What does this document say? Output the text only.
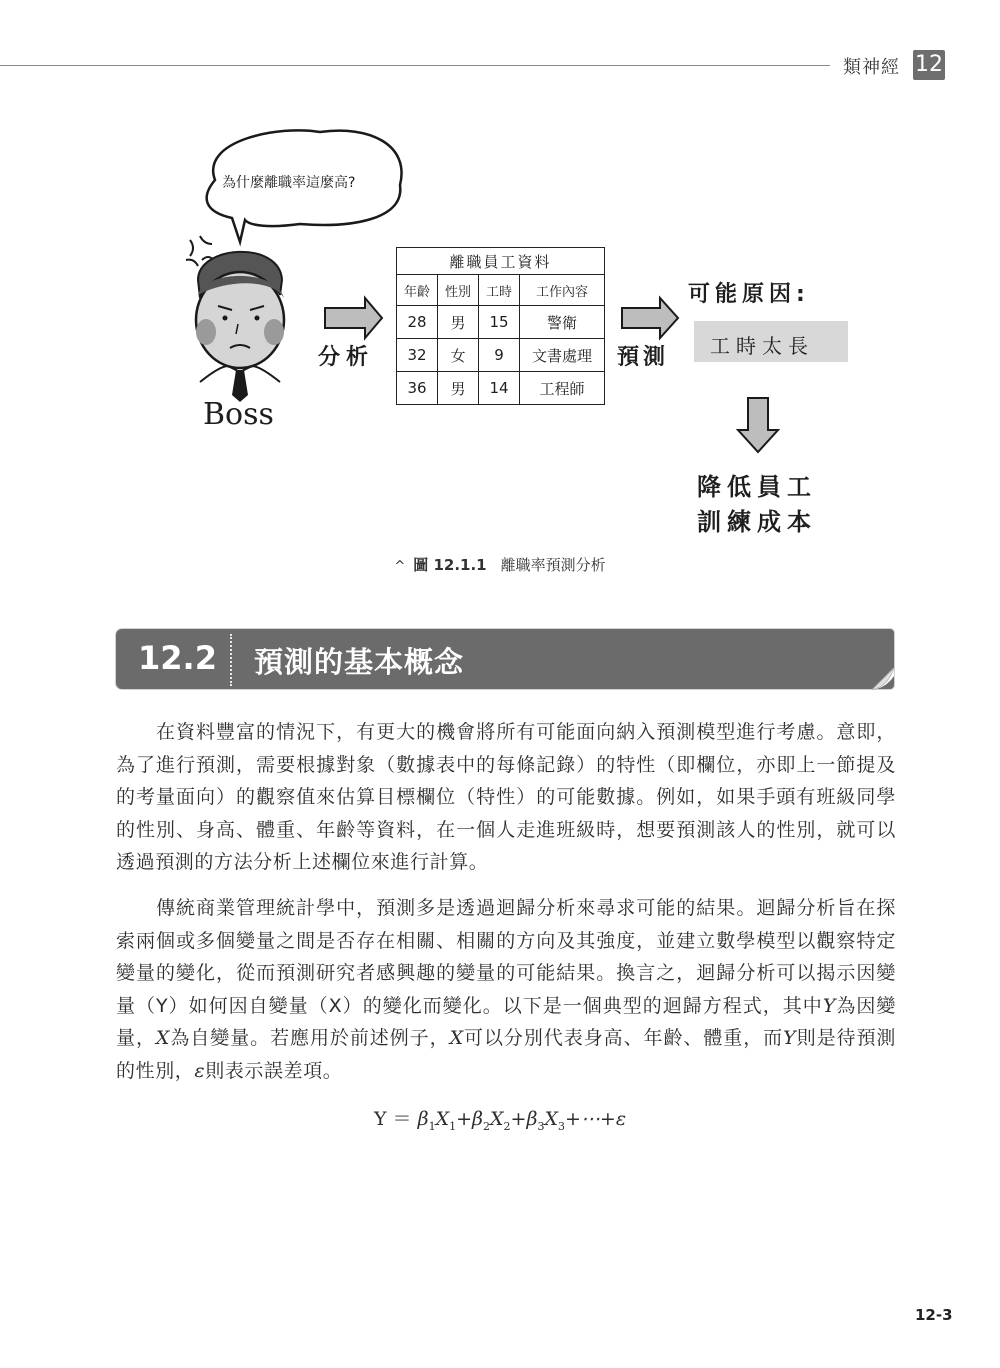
類神經 12
為什麼離職率這麼高?
Boss
分析
離職員工資料			
年齡	性別	工時	工作內容
28	男	15	警衛
32	女	9	文書處理
36	男	14	工程師
預測
可能原因:
工時太長
降低員工
訓練成本
^ 圖 12.1.1 離職率預測分析
12.2 預測的基本概念
在資料豐富的情況下，有更大的機會將所有可能面向納入預測模型進行考慮。意即，為了進行預測，需要根據對象（數據表中的每條記錄）的特性（即欄位，亦即上一節提及的考量面向）的觀察值來估算目標欄位（特性）的可能數據。例如，如果手頭有班級同學的性別、身高、體重、年齡等資料，在一個人走進班級時，想要預測該人的性別，就可以透過預測的方法分析上述欄位來進行計算。
傳統商業管理統計學中，預測多是透過迴歸分析來尋求可能的結果。迴歸分析旨在探索兩個或多個變量之間是否存在相關、相關的方向及其強度，並建立數學模型以觀察特定變量的變化，從而預測研究者感興趣的變量的可能結果。換言之，迴歸分析可以揭示因變量（Y）如何因自變量（X）的變化而變化。以下是一個典型的迴歸方程式，其中Y為因變量，X為自變量。若應用於前述例子，X可以分別代表身高、年齡、體重，而Y則是待預測的性別，ε則表示誤差項。
$Y = \beta_1X_1+\beta_2X_2+\beta_3X_3+\cdots+\varepsilon$
12-3
